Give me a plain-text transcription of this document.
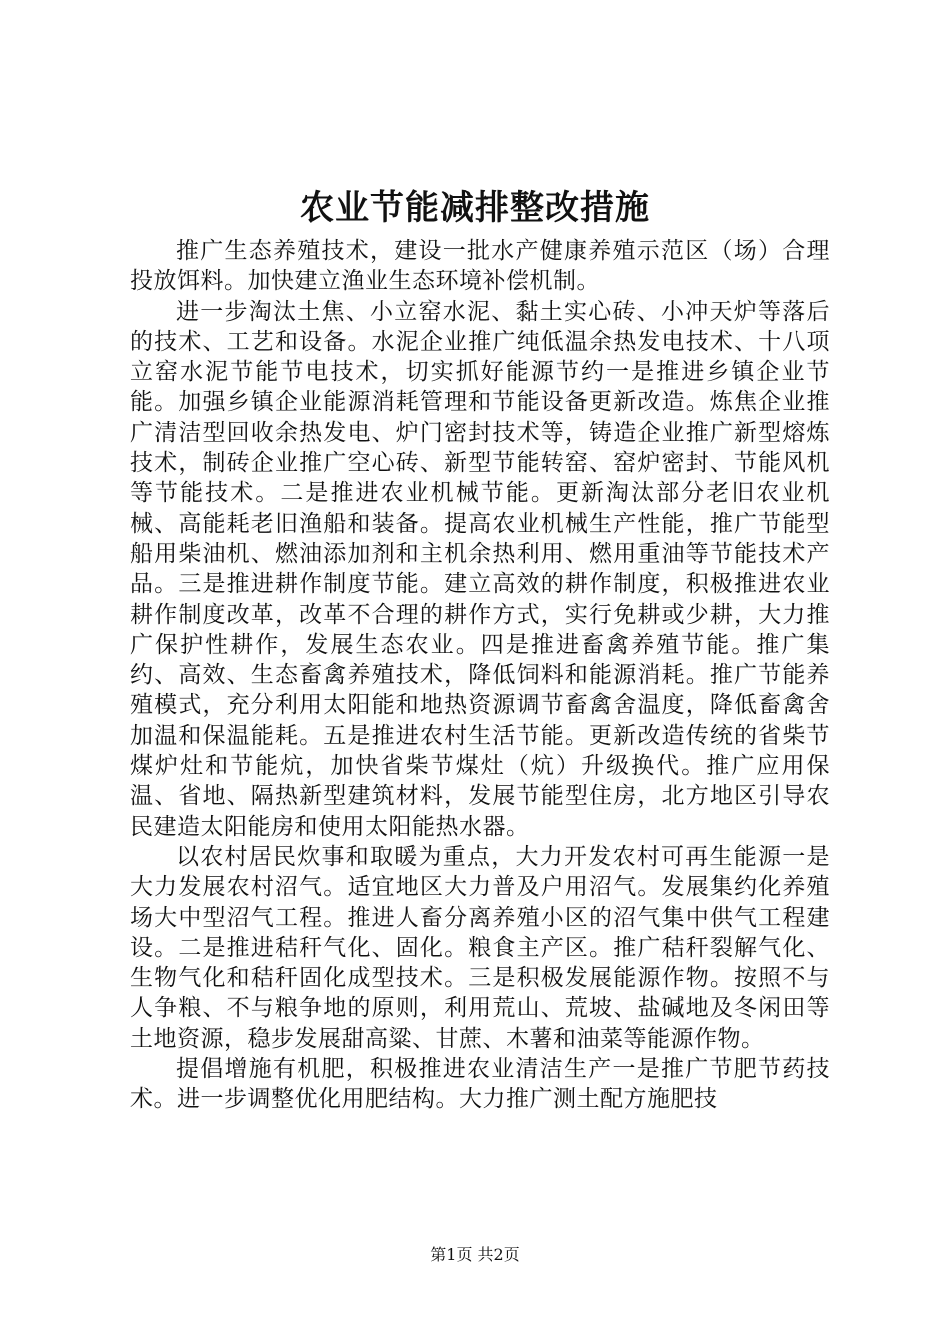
农业节能减排整改措施

推广生态养殖技术，建设一批水产健康养殖示范区（场）合理投放饵料。加快建立渔业生态环境补偿机制。

进一步淘汰土焦、小立窑水泥、黏土实心砖、小冲天炉等落后的技术、工艺和设备。水泥企业推广纯低温余热发电技术、十八项立窑水泥节能节电技术，切实抓好能源节约一是推进乡镇企业节能。加强乡镇企业能源消耗管理和节能设备更新改造。炼焦企业推广清洁型回收余热发电、炉门密封技术等，铸造企业推广新型熔炼技术，制砖企业推广空心砖、新型节能转窑、窑炉密封、节能风机等节能技术。二是推进农业机械节能。更新淘汰部分老旧农业机械、高能耗老旧渔船和装备。提高农业机械生产性能，推广节能型船用柴油机、燃油添加剂和主机余热利用、燃用重油等节能技术产品。三是推进耕作制度节能。建立高效的耕作制度，积极推进农业耕作制度改革，改革不合理的耕作方式，实行免耕或少耕，大力推广保护性耕作，发展生态农业。四是推进畜禽养殖节能。推广集约、高效、生态畜禽养殖技术，降低饲料和能源消耗。推广节能养殖模式，充分利用太阳能和地热资源调节畜禽舍温度，降低畜禽舍加温和保温能耗。五是推进农村生活节能。更新改造传统的省柴节煤炉灶和节能炕，加快省柴节煤灶（炕）升级换代。推广应用保温、省地、隔热新型建筑材料，发展节能型住房，北方地区引导农民建造太阳能房和使用太阳能热水器。

以农村居民炊事和取暖为重点，大力开发农村可再生能源一是大力发展农村沼气。适宜地区大力普及户用沼气。发展集约化养殖场大中型沼气工程。推进人畜分离养殖小区的沼气集中供气工程建设。二是推进秸秆气化、固化。粮食主产区。推广秸秆裂解气化、生物气化和秸秆固化成型技术。三是积极发展能源作物。按照不与人争粮、不与粮争地的原则，利用荒山、荒坡、盐碱地及冬闲田等土地资源，稳步发展甜高粱、甘蔗、木薯和油菜等能源作物。

提倡增施有机肥，积极推进农业清洁生产一是推广节肥节药技术。进一步调整优化用肥结构。大力推广测土配方施肥技

第1页 共2页
